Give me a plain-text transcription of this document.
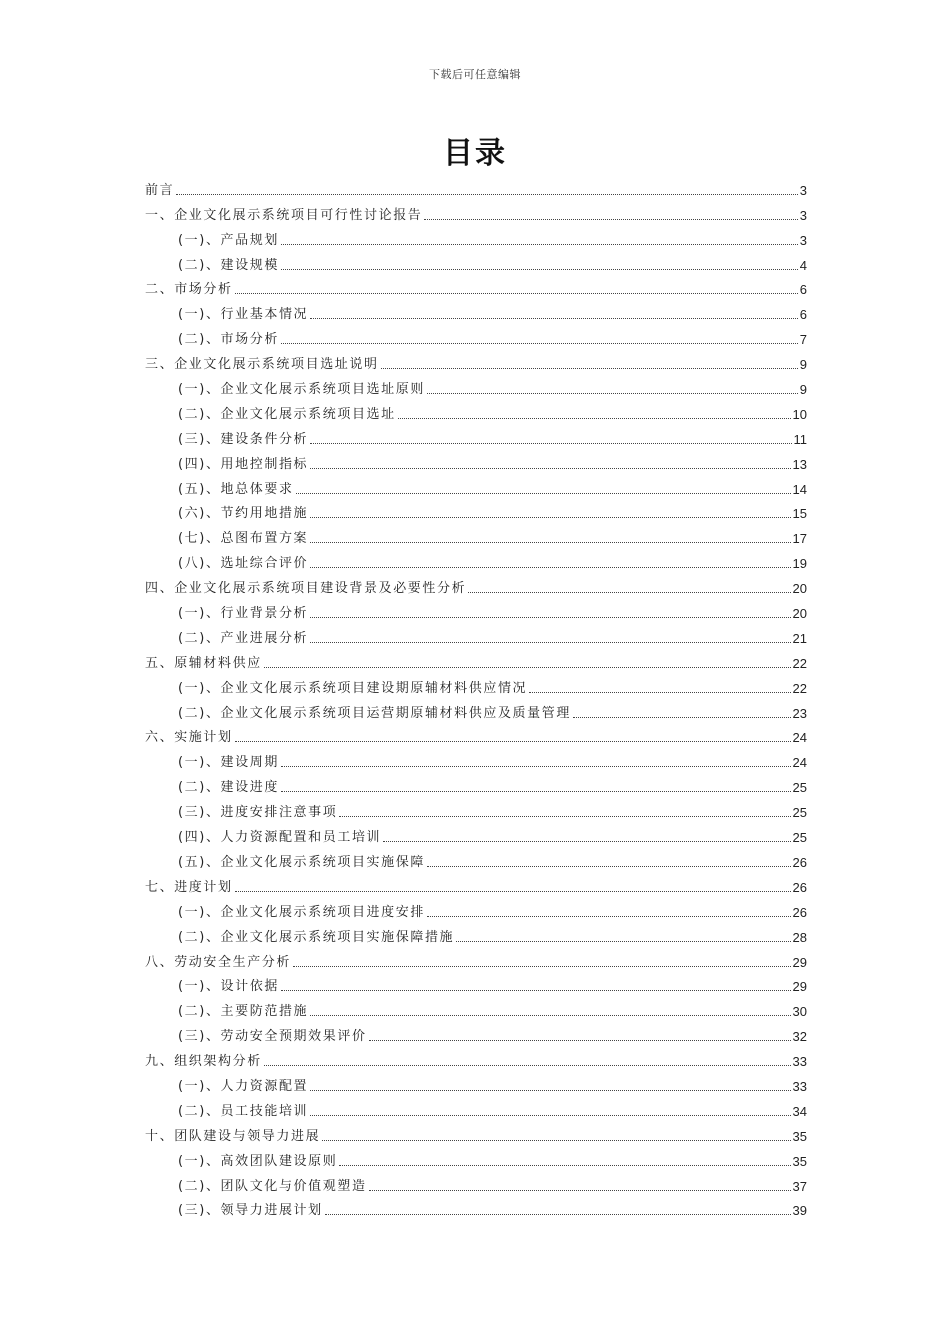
下载后可任意编辑
目录
前言	3
一、企业文化展示系统项目可行性讨论报告	3
(一)、产品规划	3
(二)、建设规模	4
二、市场分析	6
(一)、行业基本情况	6
(二)、市场分析	7
三、企业文化展示系统项目选址说明	9
(一)、企业文化展示系统项目选址原则	9
(二)、企业文化展示系统项目选址	10
(三)、建设条件分析	11
(四)、用地控制指标	13
(五)、地总体要求	14
(六)、节约用地措施	15
(七)、总图布置方案	17
(八)、选址综合评价	19
四、企业文化展示系统项目建设背景及必要性分析	20
(一)、行业背景分析	20
(二)、产业进展分析	21
五、原辅材料供应	22
(一)、企业文化展示系统项目建设期原辅材料供应情况	22
(二)、企业文化展示系统项目运营期原辅材料供应及质量管理	23
六、实施计划	24
(一)、建设周期	24
(二)、建设进度	25
(三)、进度安排注意事项	25
(四)、人力资源配置和员工培训	25
(五)、企业文化展示系统项目实施保障	26
七、进度计划	26
(一)、企业文化展示系统项目进度安排	26
(二)、企业文化展示系统项目实施保障措施	28
八、劳动安全生产分析	29
(一)、设计依据	29
(二)、主要防范措施	30
(三)、劳动安全预期效果评价	32
九、组织架构分析	33
(一)、人力资源配置	33
(二)、员工技能培训	34
十、团队建设与领导力进展	35
(一)、高效团队建设原则	35
(二)、团队文化与价值观塑造	37
(三)、领导力进展计划	39
